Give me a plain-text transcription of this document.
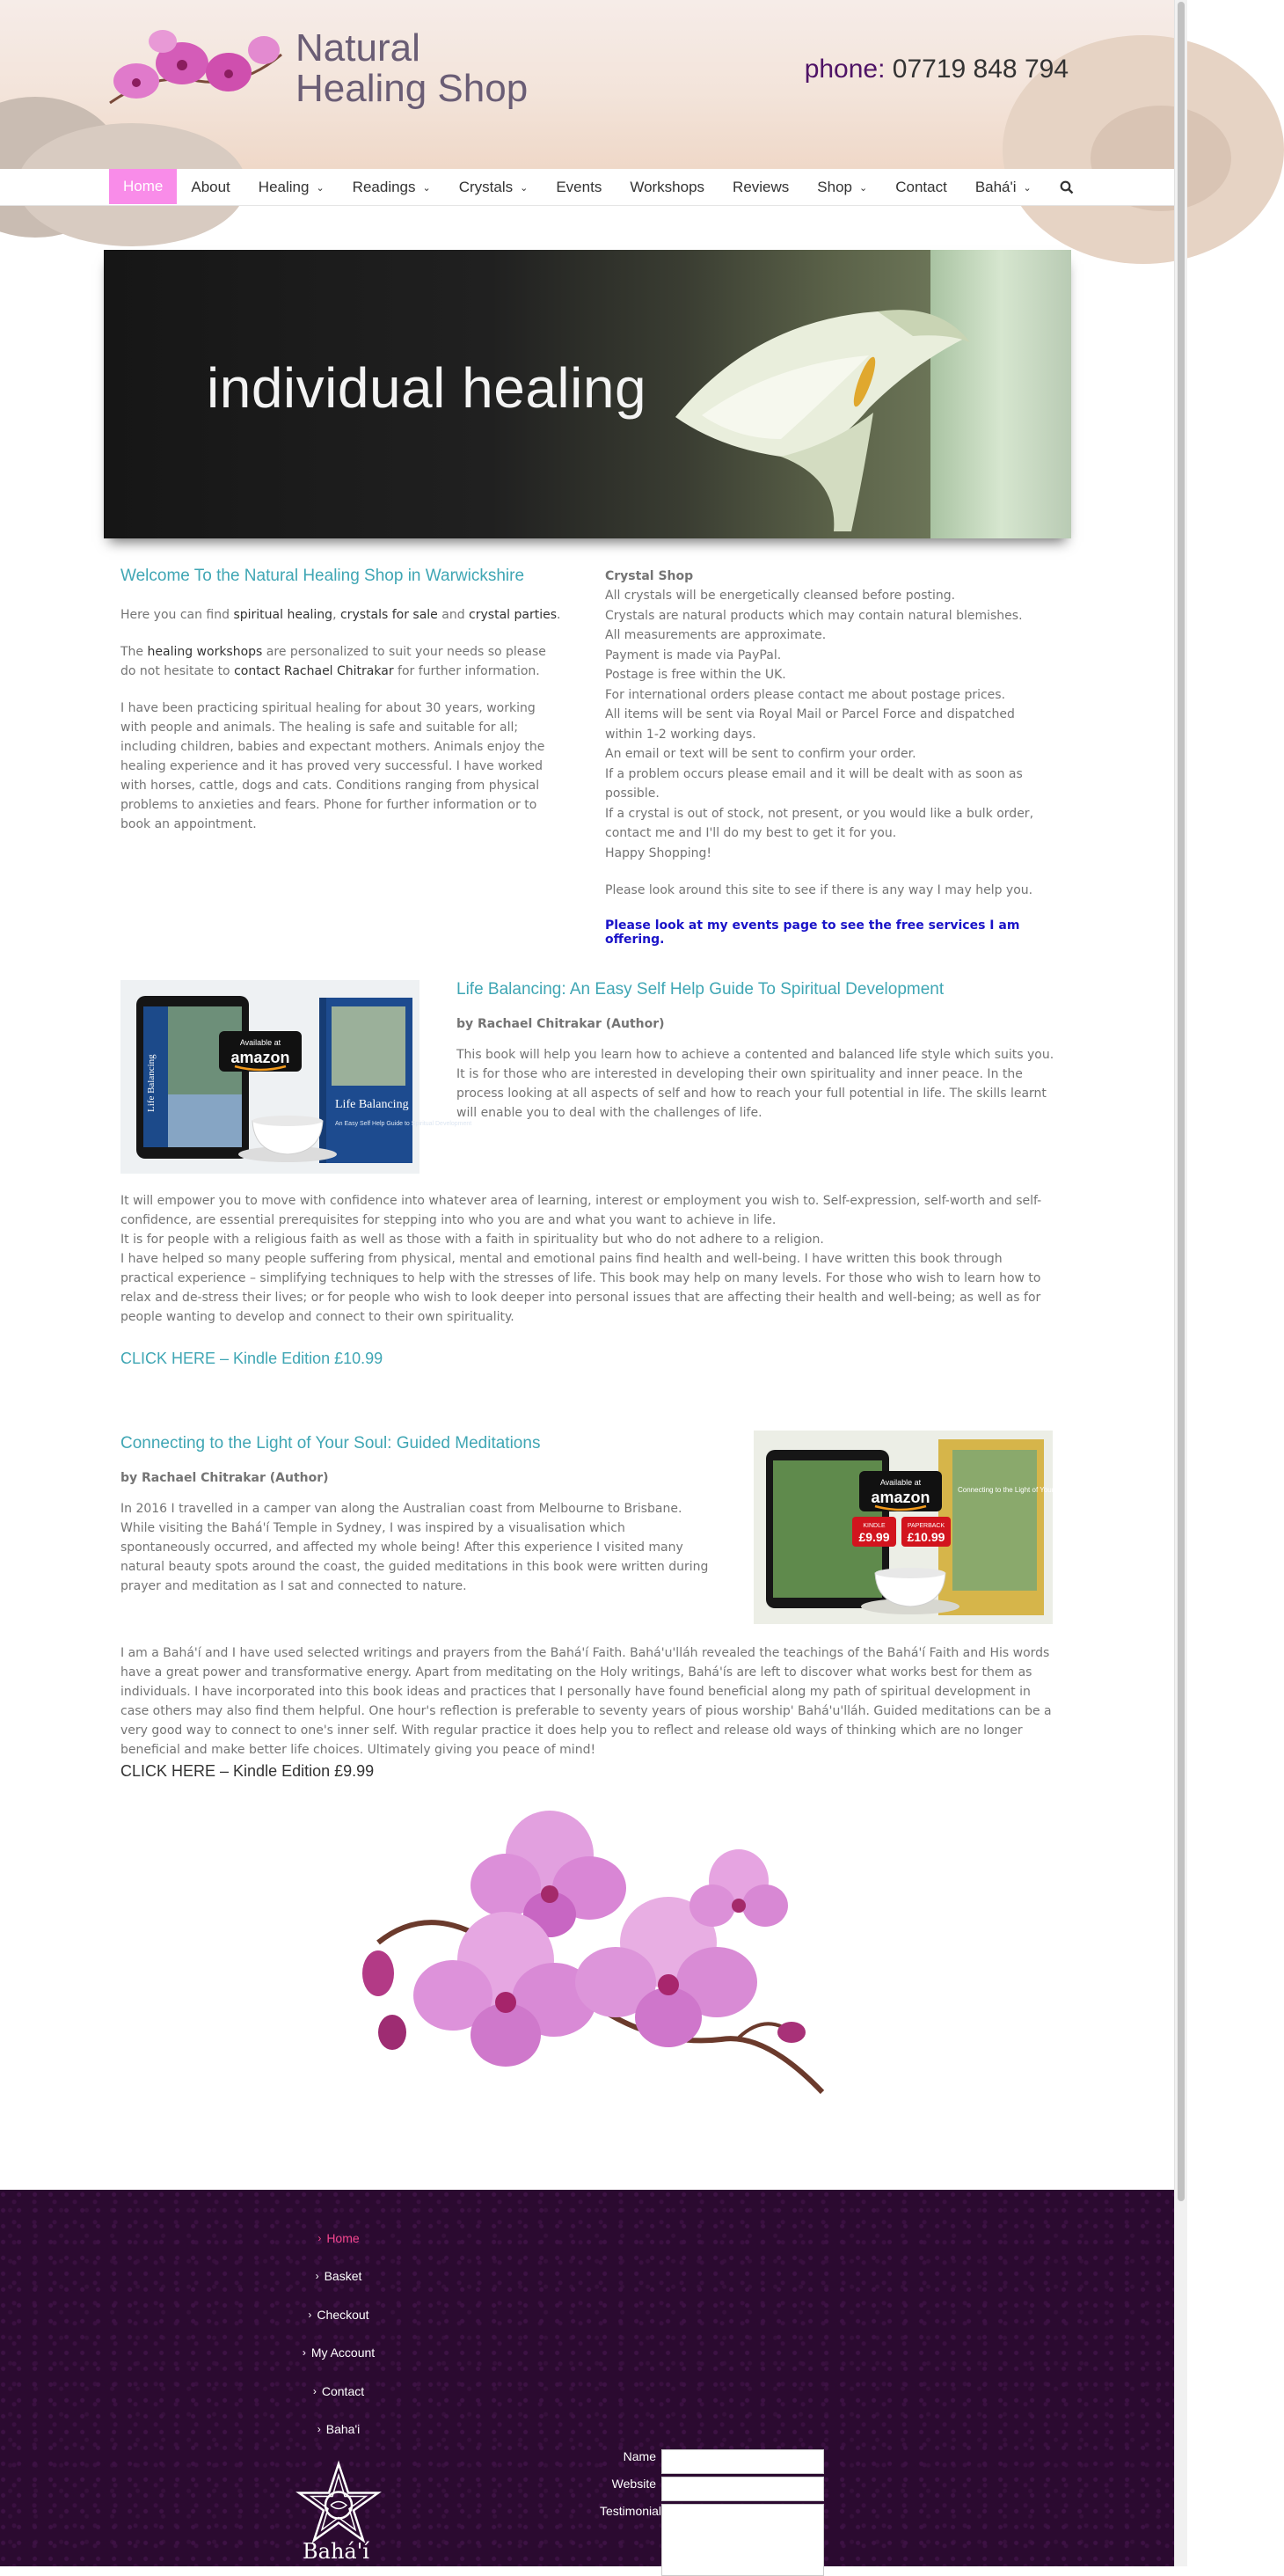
Natural
Healing Shop	phone: 07719 848 794
Home About Healing ⌄ Readings ⌄ Crystals ⌄ Events Workshops Reviews Shop ⌄ Contact Bahá'i ⌄
individual healing
Welcome To the Natural Healing Shop in Warwickshire

Here you can find spiritual healing, crystals for sale and crystal parties.

The healing workshops are personalized to suit your needs so please do not hesitate to contact Rachael Chitrakar for further information.

I have been practicing spiritual healing for about 30 years, working with people and animals. The healing is safe and suitable for all; including children, babies and expectant mothers. Animals enjoy the healing experience and it has proved very successful. I have worked with horses, cattle, dogs and cats. Conditions ranging from physical problems to anxieties and fears. Phone for further information or to book an appointment.

Crystal Shop
All crystals will be energetically cleansed before posting.
Crystals are natural products which may contain natural blemishes.
All measurements are approximate.
Payment is made via PayPal.
Postage is free within the UK.
For international orders please contact me about postage prices.
All items will be sent via Royal Mail or Parcel Force and dispatched within 1-2 working days.
An email or text will be sent to confirm your order.
If a problem occurs please email and it will be dealt with as soon as possible.
If a crystal is out of stock, not present, or you would like a bulk order, contact me and I'll do my best to get it for you.
Happy Shopping!
Please look around this site to see if there is any way I may help you.
Please look at my events page to see the free services I am offering.
Life Balancing	Life Balancing
An Easy Self Help Guide to Spiritual Development
Available at
amazon
Life Balancing: An Easy Self Help Guide To Spiritual Development
by Rachael Chitrakar (Author)

This book will help you learn how to achieve a contented and balanced life style which suits you. It is for those who are interested in developing their own spirituality and inner peace. In the process looking at all aspects of self and how to reach your full potential in life. The skills learnt will enable you to deal with the challenges of life.

It will empower you to move with confidence into whatever area of learning, interest or employment you wish to. Self-expression, self-worth and self-confidence, are essential prerequisites for stepping into who you are and what you want to achieve in life.
It is for people with a religious faith as well as those with a faith in spirituality but who do not adhere to a religion.
I have helped so many people suffering from physical, mental and emotional pains find health and well-being. I have written this book through practical experience – simplifying techniques to help with the stresses of life. This book may help on many levels. For those who wish to learn how to relax and de-stress their lives; or for people who wish to look deeper into personal issues that are affecting their health and well-being; as well as for people wanting to develop and connect to their own spirituality.
CLICK HERE – Kindle Edition £10.99
Connecting to the Light of Your Soul: Guided Meditations
by Rachael Chitrakar (Author)

In 2016 I travelled in a camper van along the Australian coast from Melbourne to Brisbane. While visiting the Bahá'í Temple in Sydney, I was inspired by a visualisation which spontaneously occurred, and affected my whole being! After this experience I visited many natural beauty spots around the coast, the guided meditations in this book were written during prayer and meditation as I sat and connected to nature.

Connecting to the Light of Your Soul
Available at
amazon
KINDLE
£9.99
PAPERBACK
£10.99
I am a Bahá'í and I have used selected writings and prayers from the Bahá'í Faith. Bahá'u'lláh revealed the teachings of the Bahá'í Faith and His words have a great power and transformative energy. Apart from meditating on the Holy writings, Bahá'ís are left to discover what works best for them as individuals. I have incorporated into this book ideas and practices that I personally have found beneficial along my path of spiritual development in case others may also find them helpful. One hour's reflection is preferable to seventy years of pious worship' Bahá'u'lláh. Guided meditations can be a very good way to connect to one's inner self. With regular practice it does help you to reflect and release old ways of thinking which are no longer beneficial and make better life choices. Ultimately giving you peace of mind!
CLICK HERE – Kindle Edition £9.99
› Home
› Basket
› Checkout
› My Account
› Contact
› Baha'i
Bahá'í
Name
Website
Testimonial
